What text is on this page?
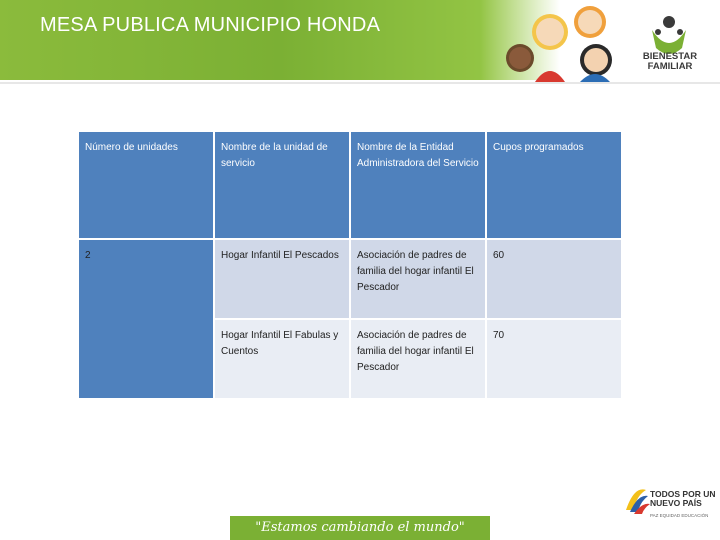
MESA PUBLICA MUNICIPIO HONDA
BIENESTAR
FAMILIAR
Número de unidades	Nombre de la unidad de servicio	Nombre de la Entidad Administradora del Servicio	Cupos programados
2	Hogar Infantil El Pescados	Asociación de padres de familia del hogar infantil El Pescador	60
	Hogar Infantil El Fabulas y Cuentos	Asociación de padres de familia del hogar infantil El Pescador	70
"Estamos cambiando el mundo"
TODOS POR UN
NUEVO PAÍS
PAZ EQUIDAD EDUCACIÓN
